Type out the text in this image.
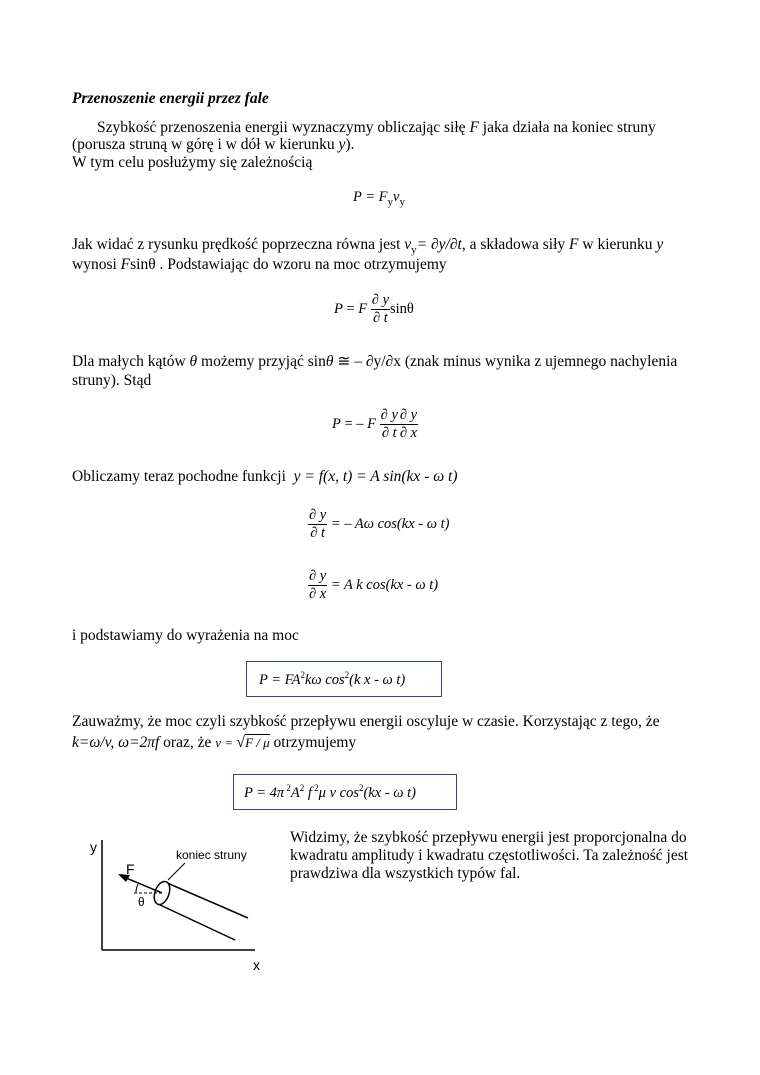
Przenoszenie energii przez fale
Szybkość przenoszenia energii wyznaczymy obliczając siłę F jaka działa na koniec struny
(porusza struną w górę i w dół w kierunku y).
W tym celu posłużymy się zależnością
$P = F_yv_y$
Jak widać z rysunku prędkość poprzeczna równa jest $v_y= \partial y/\partial t$, a składowa siły F w kierunku y
wynosi Fsinθ . Podstawiając do wzoru na moc otrzymujemy
P = F $\frac{\partial y}{\partial t}$ sinθ
Dla małych kątów θ możemy przyjąć sinθ ≅ – ∂y/∂x (znak minus wynika z ujemnego nachylenia
struny). Stąd
P = – F $\frac{\partial y}{\partial t} \frac{\partial y}{\partial x}$
Obliczamy teraz pochodne funkcji y = f(x, t) = A sin(kx - ω t)
$\frac{\partial y}{\partial t}$ = – Aω cos(kx - ω t)
$\frac{\partial y}{\partial x} = A$ k cos(kx - ω t)
i podstawiamy do wyrażenia na moc
$P = FA^2k\omega$ $\cos^2(k$ x - ω t)
Zauważmy, że moc czyli szybkość przepływu energii oscyluje w czasie. Korzystając z tego, że
k=ω/v, ω=2πf oraz, że v = √F / μ otrzymujemy
P = 4π $^2A^2$ f $^2$μ v $\cos^2(kx$ - ω t)
y
x
F
θ
koniec struny
Widzimy, że szybkość przepływu energii jest proporcjonalna do
kwadratu amplitudy i kwadratu częstotliwości. Ta zależność jest
prawdziwa dla wszystkich typów fal.
